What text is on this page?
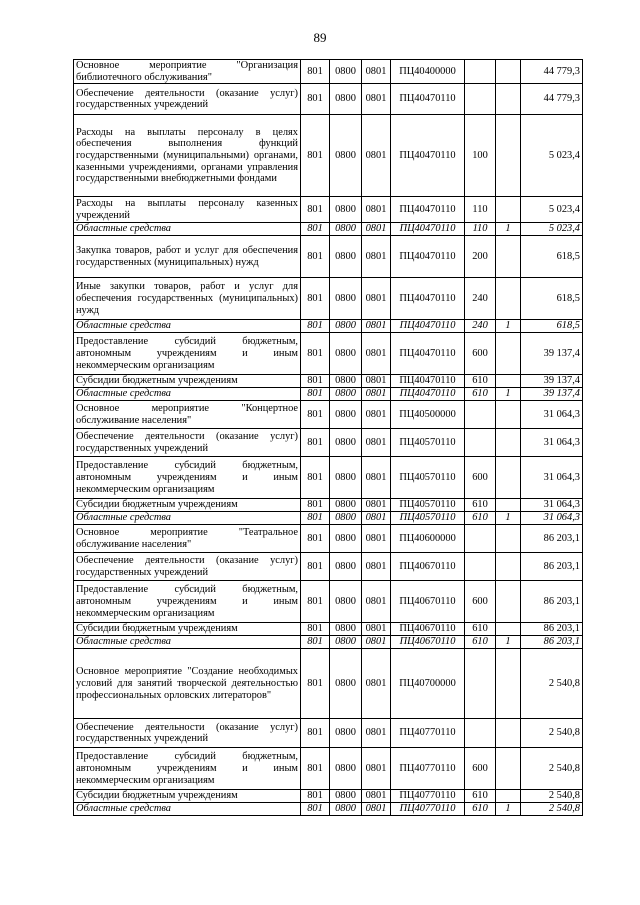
89
Основное мероприятие "Организация библиотечного обслуживания"	801	0800	0801	ПЦ40400000			44 779,3
Обеспечение деятельности (оказание услуг) государственных учреждений	801	0800	0801	ПЦ40470110			44 779,3
Расходы на выплаты персоналу в целях обеспечения выполнения функций государственными (муниципальными) органами, казенными учреждениями, органами управления государственными внебюджетными фондами	801	0800	0801	ПЦ40470110	100		5 023,4
Расходы на выплаты персоналу казенных учреждений	801	0800	0801	ПЦ40470110	110		5 023,4
Областные средства	801	0800	0801	ПЦ40470110	110	1	5 023,4
Закупка товаров, работ и услуг для обеспечения государственных (муниципальных) нужд	801	0800	0801	ПЦ40470110	200		618,5
Иные закупки товаров, работ и услуг для обеспечения государственных (муниципальных) нужд	801	0800	0801	ПЦ40470110	240		618,5
Областные средства	801	0800	0801	ПЦ40470110	240	1	618,5
Предоставление субсидий бюджетным, автономным учреждениям и иным некоммерческим организациям	801	0800	0801	ПЦ40470110	600		39 137,4
Субсидии бюджетным учреждениям	801	0800	0801	ПЦ40470110	610		39 137,4
Областные средства	801	0800	0801	ПЦ40470110	610	1	39 137,4
Основное мероприятие "Концертное обслуживание населения"	801	0800	0801	ПЦ40500000			31 064,3
Обеспечение деятельности (оказание услуг) государственных учреждений	801	0800	0801	ПЦ40570110			31 064,3
Предоставление субсидий бюджетным, автономным учреждениям и иным некоммерческим организациям	801	0800	0801	ПЦ40570110	600		31 064,3
Субсидии бюджетным учреждениям	801	0800	0801	ПЦ40570110	610		31 064,3
Областные средства	801	0800	0801	ПЦ40570110	610	1	31 064,3
Основное мероприятие "Театральное обслуживание населения"	801	0800	0801	ПЦ40600000			86 203,1
Обеспечение деятельности (оказание услуг) государственных учреждений	801	0800	0801	ПЦ40670110			86 203,1
Предоставление субсидий бюджетным, автономным учреждениям и иным некоммерческим организациям	801	0800	0801	ПЦ40670110	600		86 203,1
Субсидии бюджетным учреждениям	801	0800	0801	ПЦ40670110	610		86 203,1
Областные средства	801	0800	0801	ПЦ40670110	610	1	86 203,1
Основное мероприятие "Создание необходимых условий для занятий творческой деятельностью профессиональных орловских литераторов"	801	0800	0801	ПЦ40700000			2 540,8
Обеспечение деятельности (оказание услуг) государственных учреждений	801	0800	0801	ПЦ40770110			2 540,8
Предоставление субсидий бюджетным, автономным учреждениям и иным некоммерческим организациям	801	0800	0801	ПЦ40770110	600		2 540,8
Субсидии бюджетным учреждениям	801	0800	0801	ПЦ40770110	610		2 540,8
Областные средства	801	0800	0801	ПЦ40770110	610	1	2 540,8
